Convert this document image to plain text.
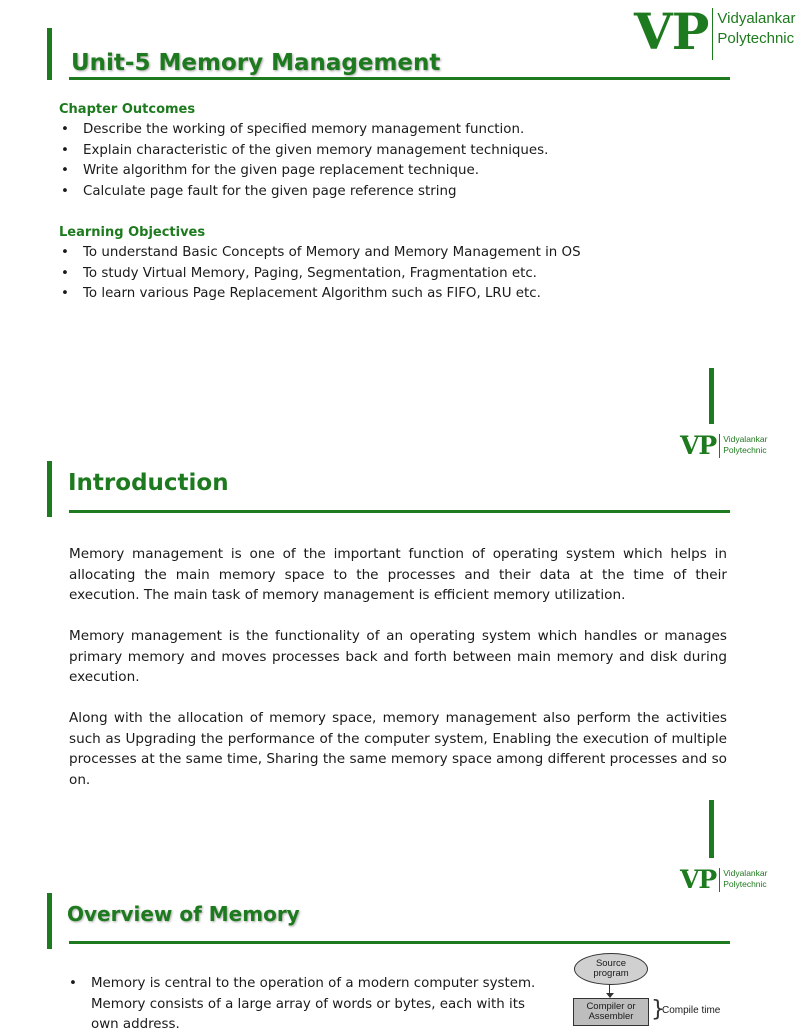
Unit-5 Memory Management
VP Vidyalankar
Polytechnic
Chapter Outcomes
• Describe the working of specified memory management function.
• Explain characteristic of the given memory management techniques.
• Write algorithm for the given page replacement technique.
• Calculate page fault for the given page reference string
Learning Objectives
• To understand Basic Concepts of Memory and Memory Management in OS
• To study Virtual Memory, Paging, Segmentation, Fragmentation etc.
• To learn various Page Replacement Algorithm such as FIFO, LRU etc.
VP Vidyalankar
Polytechnic
Introduction

Memory management is one of the important function of operating system which helps in allocating the main memory space to the processes and their data at the time of their execution. The main task of memory management is efficient memory utilization.

Memory management is the functionality of an operating system which handles or manages primary memory and moves processes back and forth between main memory and disk during execution.

Along with the allocation of memory space, memory management also perform the activities such as Upgrading the performance of the computer system, Enabling the execution of multiple processes at the same time, Sharing the same memory space among different processes and so on.

VP Vidyalankar
Polytechnic
Overview of Memory
• Memory is central to the operation of a modern computer system. Memory consists of a large array of words or bytes, each with its own address.
Source
program
Compiler or
Assembler }
Compile time
